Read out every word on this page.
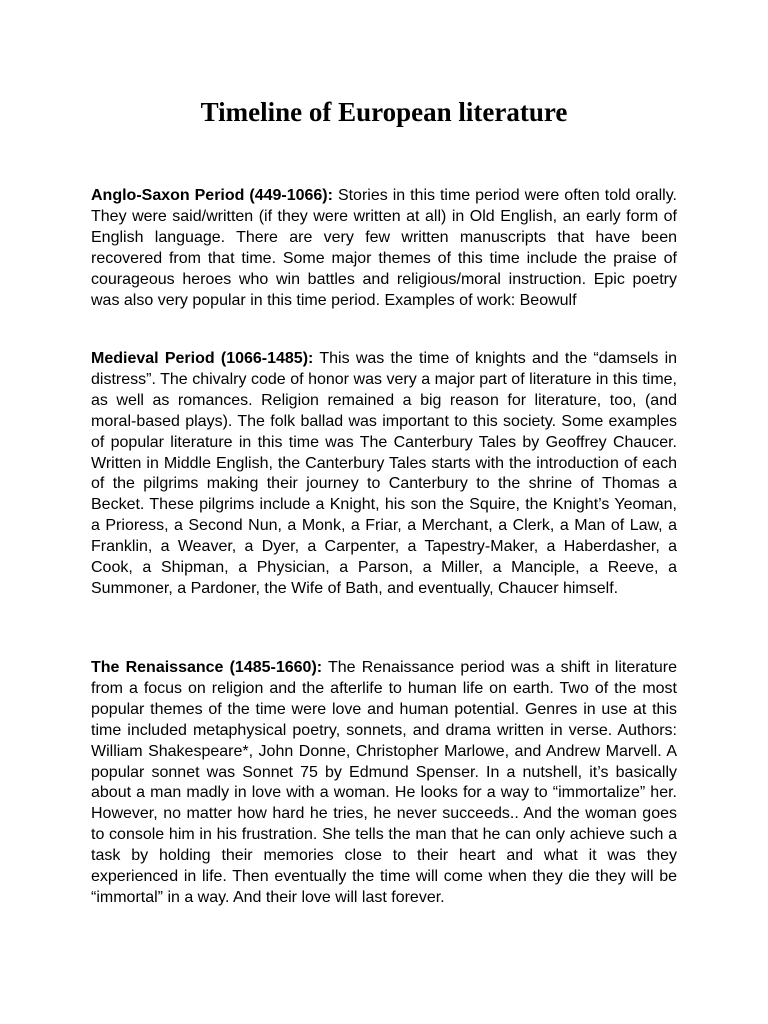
Timeline of European literature

Anglo-Saxon Period (449-1066): Stories in this time period were often told orally. They were said/written (if they were written at all) in Old English, an early form of English language. There are very few written manuscripts that have been recovered from that time. Some major themes of this time include the praise of courageous heroes who win battles and religious/moral instruction. Epic poetry was also very popular in this time period. Examples of work: Beowulf

Medieval Period (1066-1485): This was the time of knights and the “damsels in distress”. The chivalry code of honor was very a major part of literature in this time, as well as romances. Religion remained a big reason for literature, too, (and moral-based plays). The folk ballad was important to this society. Some examples of popular literature in this time was The Canterbury Tales by Geoffrey Chaucer. Written in Middle English, the Canterbury Tales starts with the introduction of each of the pilgrims making their journey to Canterbury to the shrine of Thomas a Becket. These pilgrims include a Knight, his son the Squire, the Knight’s Yeoman, a Prioress, a Second Nun, a Monk, a Friar, a Merchant, a Clerk, a Man of Law, a Franklin, a Weaver, a Dyer, a Carpenter, a Tapestry-Maker, a Haberdasher, a Cook, a Shipman, a Physician, a Parson, a Miller, a Manciple, a Reeve, a Summoner, a Pardoner, the Wife of Bath, and eventually, Chaucer himself.

The Renaissance (1485-1660): The Renaissance period was a shift in literature from a focus on religion and the afterlife to human life on earth. Two of the most popular themes of the time were love and human potential. Genres in use at this time included metaphysical poetry, sonnets, and drama written in verse. Authors: William Shakespeare*, John Donne, Christopher Marlowe, and Andrew Marvell. A popular sonnet was Sonnet 75 by Edmund Spenser. In a nutshell, it’s basically about a man madly in love with a woman. He looks for a way to “immortalize” her. However, no matter how hard he tries, he never succeeds.. And the woman goes to console him in his frustration. She tells the man that he can only achieve such a task by holding their memories close to their heart and what it was they experienced in life. Then eventually the time will come when they die they will be “immortal” in a way. And their love will last forever.
